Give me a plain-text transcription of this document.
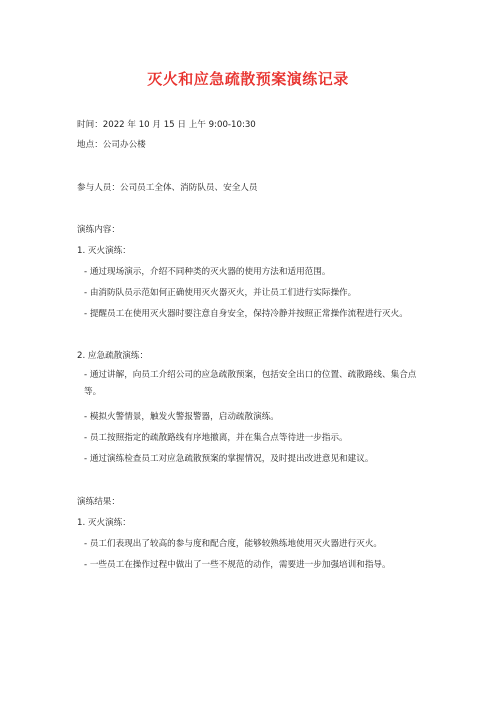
灭火和应急疏散预案演练记录
时间：2022 年 10 月 15 日 上午 9:00-10:30
地点：公司办公楼
参与人员：公司员工全体、消防队员、安全人员
演练内容：
1. 灭火演练：
- 通过现场演示，介绍不同种类的灭火器的使用方法和适用范围。
- 由消防队员示范如何正确使用灭火器灭火，并让员工们进行实际操作。
- 提醒员工在使用灭火器时要注意自身安全，保持冷静并按照正常操作流程进行灭火。
2. 应急疏散演练：
- 通过讲解，向员工介绍公司的应急疏散预案，包括安全出口的位置、疏散路线、集合点等。
- 模拟火警情景，触发火警报警器，启动疏散演练。
- 员工按照指定的疏散路线有序地撤离，并在集合点等待进一步指示。
- 通过演练检查员工对应急疏散预案的掌握情况，及时提出改进意见和建议。
演练结果：
1. 灭火演练：
- 员工们表现出了较高的参与度和配合度，能够较熟练地使用灭火器进行灭火。
- 一些员工在操作过程中做出了一些不规范的动作，需要进一步加强培训和指导。
